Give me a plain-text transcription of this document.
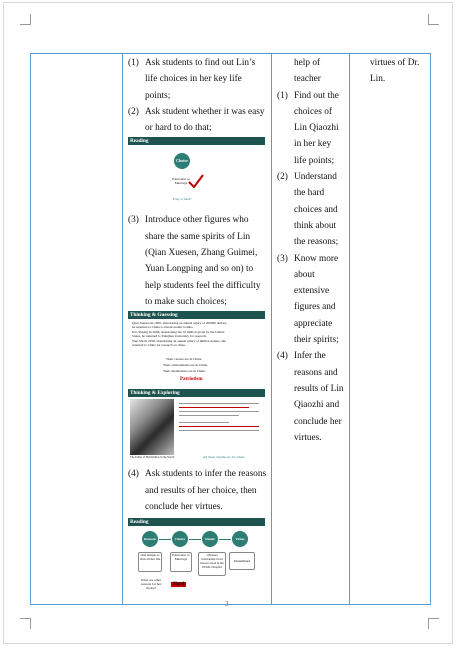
(1) Ask students to find out Lin’s life choices in her key life points;
(2) Ask student whether it was easy or hard to do that;
Reading
Choice
Education or Marriage
Easy or hard?
(3) Introduce other figures who share the same spirits of Lin (Qian Xuesen, Zhang Guimei, Yuan Longping and so on) to help students feel the difficulty to make such choices;
Thinking & Guessing
Qian Xuesen In 1950, abandoning an annual salary of 200000 dollars, he returned to China to invent atomic bombs.
Jiao Yuping In 2006, abandoning the 10 million given by the United States, he returned to Tsinghua University for research.
Wen Shi In 2018, abandoning an annual salary of million dollars, she returned to China for research on chips.
Their careers are in China.
Their achievements are in China.
Their destinations are in China.
Patriotism
Thinking & Exploring
The Father of Hybrid Rice in the World	All these dreams are for others
(4) Ask students to infer the reasons and results of her choice, then conclude her virtues.
Reading
Reasons	Choice	Result	Virtue
One simple to visit all her life
Education or Marriage
1.Pioneer Scholarship 2.Get honour about in the PUMC Hospital
Determined
What are other reasons for her choice?
Hard

help of teacher
(1) Find out the choices of Lin Qiaozhi in her key life points;
(2) Understand the hard choices and think about the reasons;
(3) Know more about extensive figures and appreciate their spirits;
(4) Infer the reasons and results of Lin Qiaozhi and conclude her virtues.

virtues of Dr. Lin.
3
